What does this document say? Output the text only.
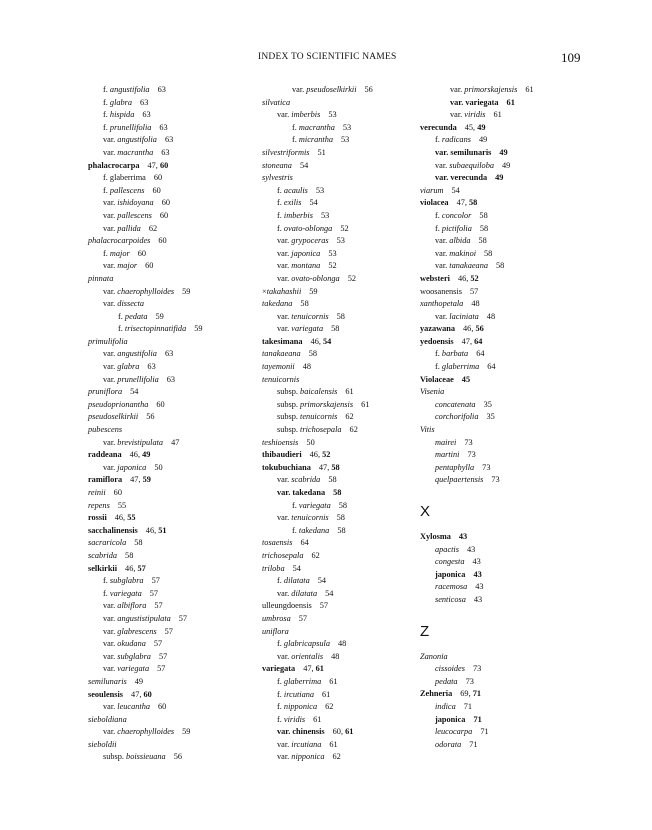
INDEX TO SCIENTIFIC NAMES	109
f. angustifolia 63
f. glabra 63
f. hispida 63
f. prunellifolia 63
var. angustifolia 63
var. macrantha 63
phalacrocarpa 47, 60
f. glaberrima 60
f. pallescens 60
var. ishidoyana 60
var. pallescens 60
var. pallida 62
phalacrocarpoides 60
f. major 60
var. major 60
pinnata
var. chaerophylloides 59
var. dissecta
f. pedata 59
f. trisectopinnatifida 59
primulifolia
var. angustifolia 63
var. glabra 63
var. prunellifolia 63
pruniflora 54
pseudoprionantha 60
pseudoselkirkii 56
pubescens
var. brevistipulata 47
raddeana 46, 49
var. japonica 50
ramiflora 47, 59
reinii 60
repens 55
rossii 46, 55
sacchalinensis 46, 51
sacraricola 58
scabrida 58
selkirkii 46, 57
f. subglabra 57
f. variegata 57
var. albiflora 57
var. angustistipulata 57
var. glabrescens 57
var. okudana 57
var. subglabra 57
var. variegata 57
semilunaris 49
seoulensis 47, 60
var. leucantha 60
sieboldiana
var. chaerophylloides 59
sieboldii
subsp. boissieuana 56
var. pseudoselkirkii 56
silvatica
var. imberbis 53
f. macrantha 53
f. micrantha 53
silvestriformis 51
stoneana 54
sylvestris
f. acaulis 53
f. exilis 54
f. imberbis 53
f. ovato-oblonga 52
var. grypoceras 53
var. japonica 53
var. montana 52
var. ovato-oblonga 52
×takahashii 59
takedana 58
var. tenuicornis 58
var. variegata 58
takesimana 46, 54
tanakaeana 58
tayemonii 48
tenuicornis
subsp. baicalensis 61
subsp. primorskajensis 61
subsp. tenuicornis 62
subsp. trichosepala 62
teshioensis 50
thibaudieri 46, 52
tokubuchiana 47, 58
var. scabrida 58
var. takedana 58
f. variegata 58
var. tenuicornis 58
f. takedana 58
tosaensis 64
trichosepala 62
triloba 54
f. dilatata 54
var. dilatata 54
ulleungdoensis 57
umbrosa 57
uniflora
f. glabricapsula 48
var. orientalis 48
variegata 47, 61
f. glaberrima 61
f. ircutiana 61
f. nipponica 62
f. viridis 61
var. chinensis 60, 61
var. ircutiana 61
var. nipponica 62
var. primorskajensis 61
var. variegata 61
var. viridis 61
verecunda 45, 49
f. radicans 49
var. semilunaris 49
var. subaequiloba 49
var. verecunda 49
viarum 54
violacea 47, 58
f. concolor 58
f. pictifolia 58
var. albida 58
var. makinoi 58
var. tanakaeana 58
websteri 46, 52
woosanensis 57
xanthopetala 48
var. laciniata 48
yazawana 46, 56
yedoensis 47, 64
f. barbata 64
f. glaberrima 64
Violaceae 45
Visenia
concatenata 35
corchorifolia 35
Vitis
mairei 73
martini 73
pentaphylla 73
quelpaertensis 73
X
Xylosma 43
apactis 43
congesta 43
japonica 43
racemosa 43
senticosa 43
Z
Zanonia
cissoides 73
pedata 73
Zehneria 69, 71
indica 71
japonica 71
leucocarpa 71
odorata 71
